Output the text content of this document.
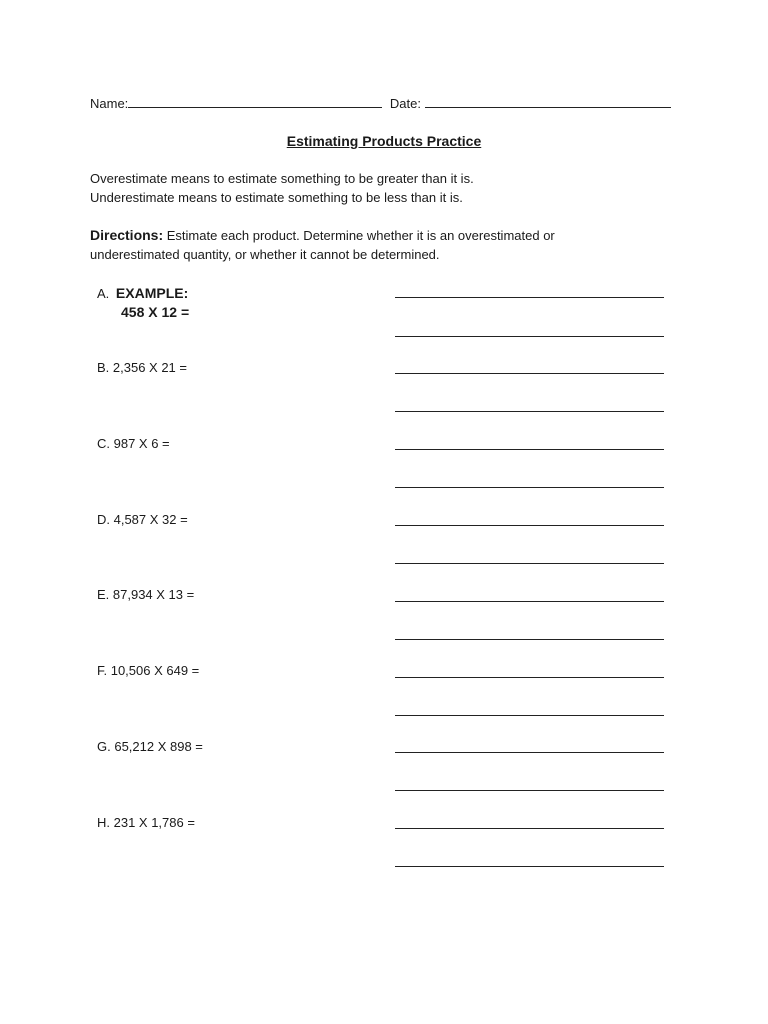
Name:	Date:
Estimating Products Practice
Overestimate means to estimate something to be greater than it is.
Underestimate means to estimate something to be less than it is.
Directions: Estimate each product. Determine whether it is an overestimated or
underestimated quantity, or whether it cannot be determined.
A. EXAMPLE:
458 X 12 =
B. 2,356 X 21 =
C. 987 X 6 =
D. 4,587 X 32 =
E. 87,934 X 13 =
F. 10,506 X 649 =
G. 65,212 X 898 =
H. 231 X 1,786 =
